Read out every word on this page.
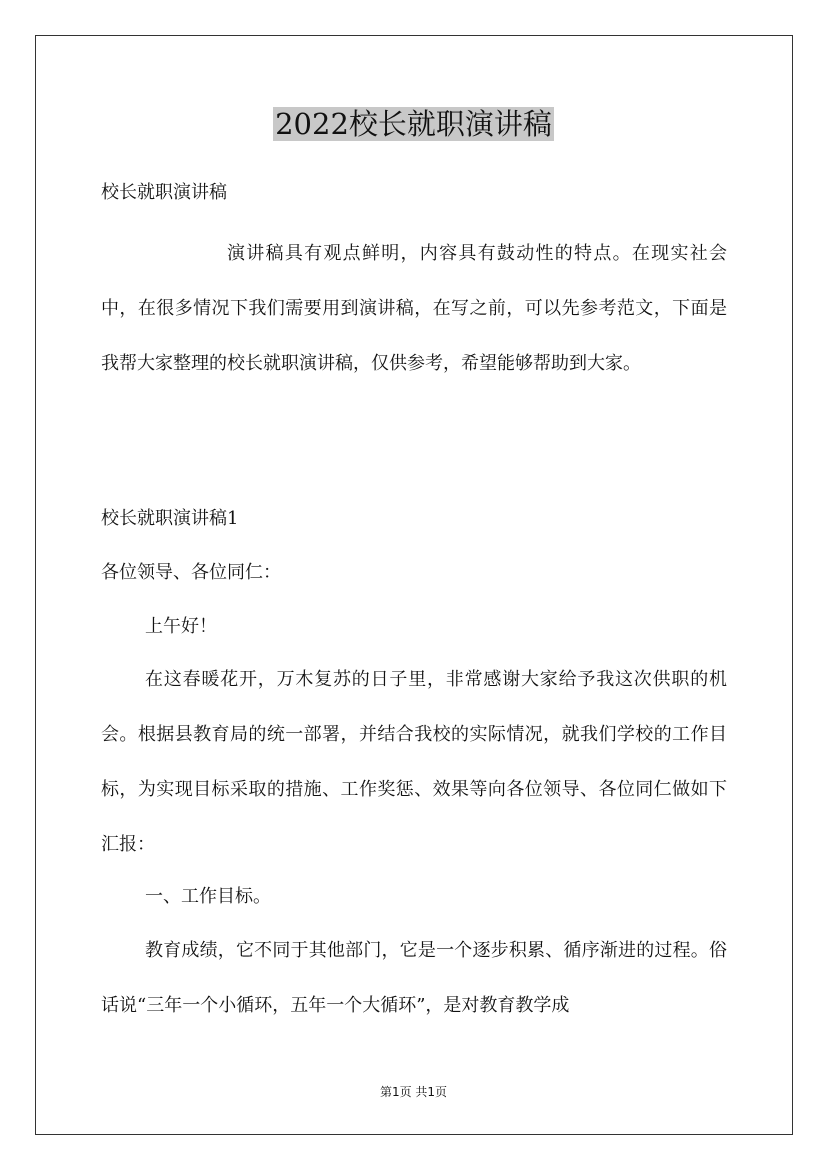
2022校长就职演讲稿

校长就职演讲稿

演讲稿具有观点鲜明，内容具有鼓动性的特点。在现实社会中，在很多情况下我们需要用到演讲稿，在写之前，可以先参考范文，下面是我帮大家整理的校长就职演讲稿，仅供参考，希望能够帮助到大家。

校长就职演讲稿1

各位领导、各位同仁：

上午好！

在这春暖花开，万木复苏的日子里，非常感谢大家给予我这次供职的机会。根据县教育局的统一部署，并结合我校的实际情况，就我们学校的工作目标，为实现目标采取的措施、工作奖惩、效果等向各位领导、各位同仁做如下汇报：

一、工作目标。

教育成绩，它不同于其他部门，它是一个逐步积累、循序渐进的过程。俗话说“三年一个小循环，五年一个大循环”，是对教育教学成

第1页 共1页
